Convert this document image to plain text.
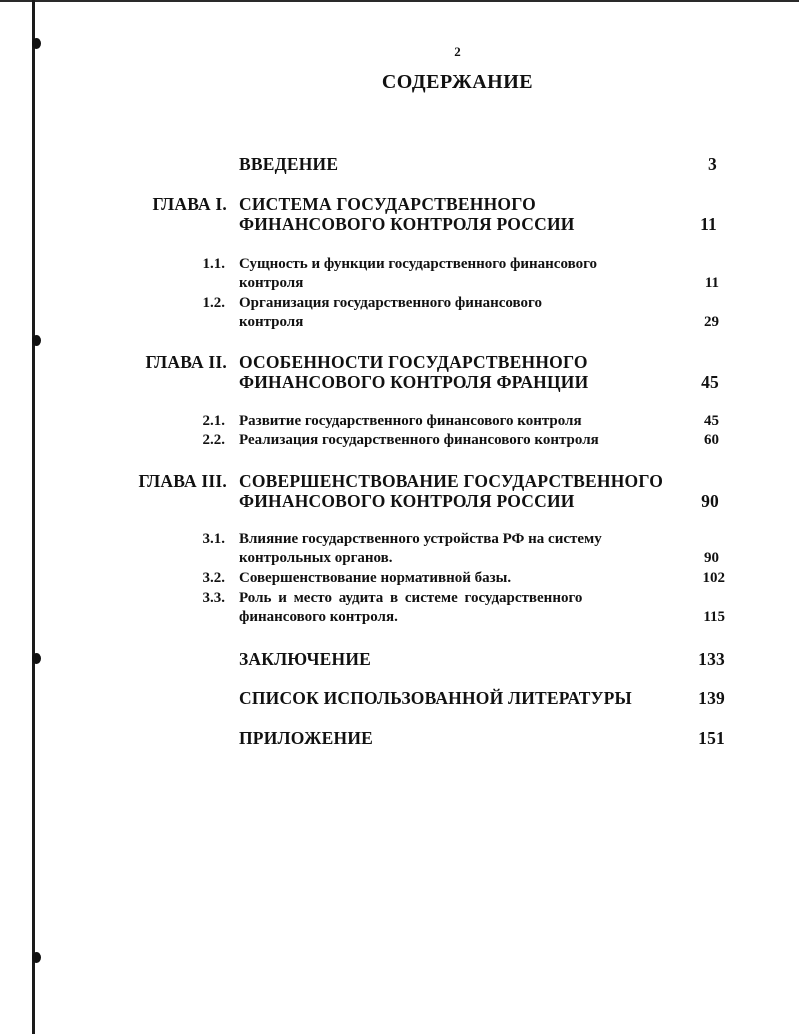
2
СОДЕРЖАНИЕ
ВВЕДЕНИЕ	3
ГЛАВА I. СИСТЕМА ГОСУДАРСТВЕННОГО
ФИНАНСОВОГО КОНТРОЛЯ РОССИИ	11
1.1. Сущность и функции государственного финансового
контроля	11
1.2. Организация государственного финансового
контроля	29
ГЛАВА II. ОСОБЕННОСТИ ГОСУДАРСТВЕННОГО
ФИНАНСОВОГО КОНТРОЛЯ ФРАНЦИИ	45
2.1. Развитие государственного финансового контроля	45
2.2. Реализация государственного финансового контроля	60
ГЛАВА III. СОВЕРШЕНСТВОВАНИЕ ГОСУДАРСТВЕННОГО
ФИНАНСОВОГО КОНТРОЛЯ РОССИИ	90
3.1. Влияние государственного устройства РФ на систему
контрольных органов.	90
3.2. Совершенствование нормативной базы.	102
3.3. Роль и место аудита в системе государственного
финансового контроля.	115
ЗАКЛЮЧЕНИЕ	133
СПИСОК ИСПОЛЬЗОВАННОЙ ЛИТЕРАТУРЫ	139
ПРИЛОЖЕНИЕ	151
